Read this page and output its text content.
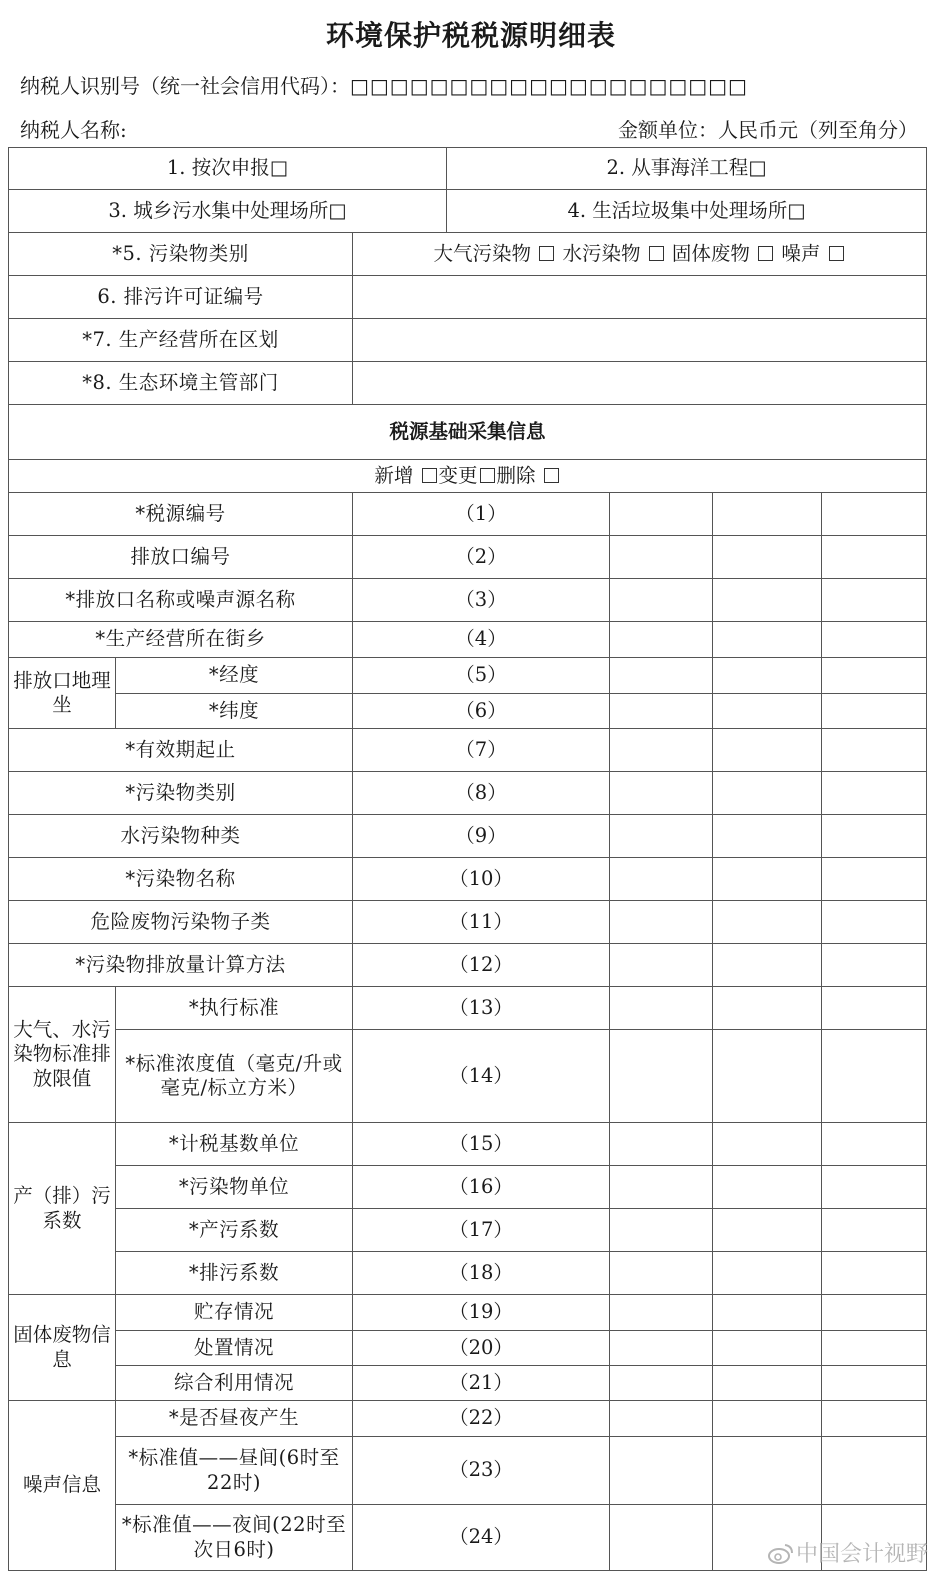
环境保护税税源明细表
纳税人识别号（统一社会信用代码）：□□□□□□□□□□□□□□□□□□□□
纳税人名称:	金额单位：人民币元（列至角分）
1. 按次申报□			2. 从事海洋工程□			
3. 城乡污水集中处理场所□			4. 生活垃圾集中处理场所□			
*5. 污染物类别		大气污染物 水污染物 固体废物 噪声				
6. 排污许可证编号						
*7. 生产经营所在区划						
*8. 生态环境主管部门						
税源基础采集信息						
新增 变更 删除						
*税源编号		（1）				
排放口编号		（2）				
*排放口名称或噪声源名称		（3）				
*生产经营所在街乡		（4）				
排放口地理坐	*经度	（5）				
	*纬度	（6）				
*有效期起止		（7）				
*污染物类别		（8）				
水污染物种类		（9）				
*污染物名称		（10）				
危险废物污染物子类		（11）				
*污染物排放量计算方法		（12）				
大气、水污染物标准排放限值	*执行标准	（13）				
	*标准浓度值（毫克/升或毫克/标立方米）	（14）				
产（排）污系数	*计税基数单位	（15）				
	*污染物单位	（16）				
	*产污系数	（17）				
	*排污系数	（18）				
固体废物信息	贮存情况	（19）				
	处置情况	（20）				
	综合利用情况	（21）				
噪声信息	*是否昼夜产生	（22）				
	*标准值——昼间(6时至22时)	（23）				
	*标准值——夜间(22时至次日6时)	（24）				
中国会计视野
